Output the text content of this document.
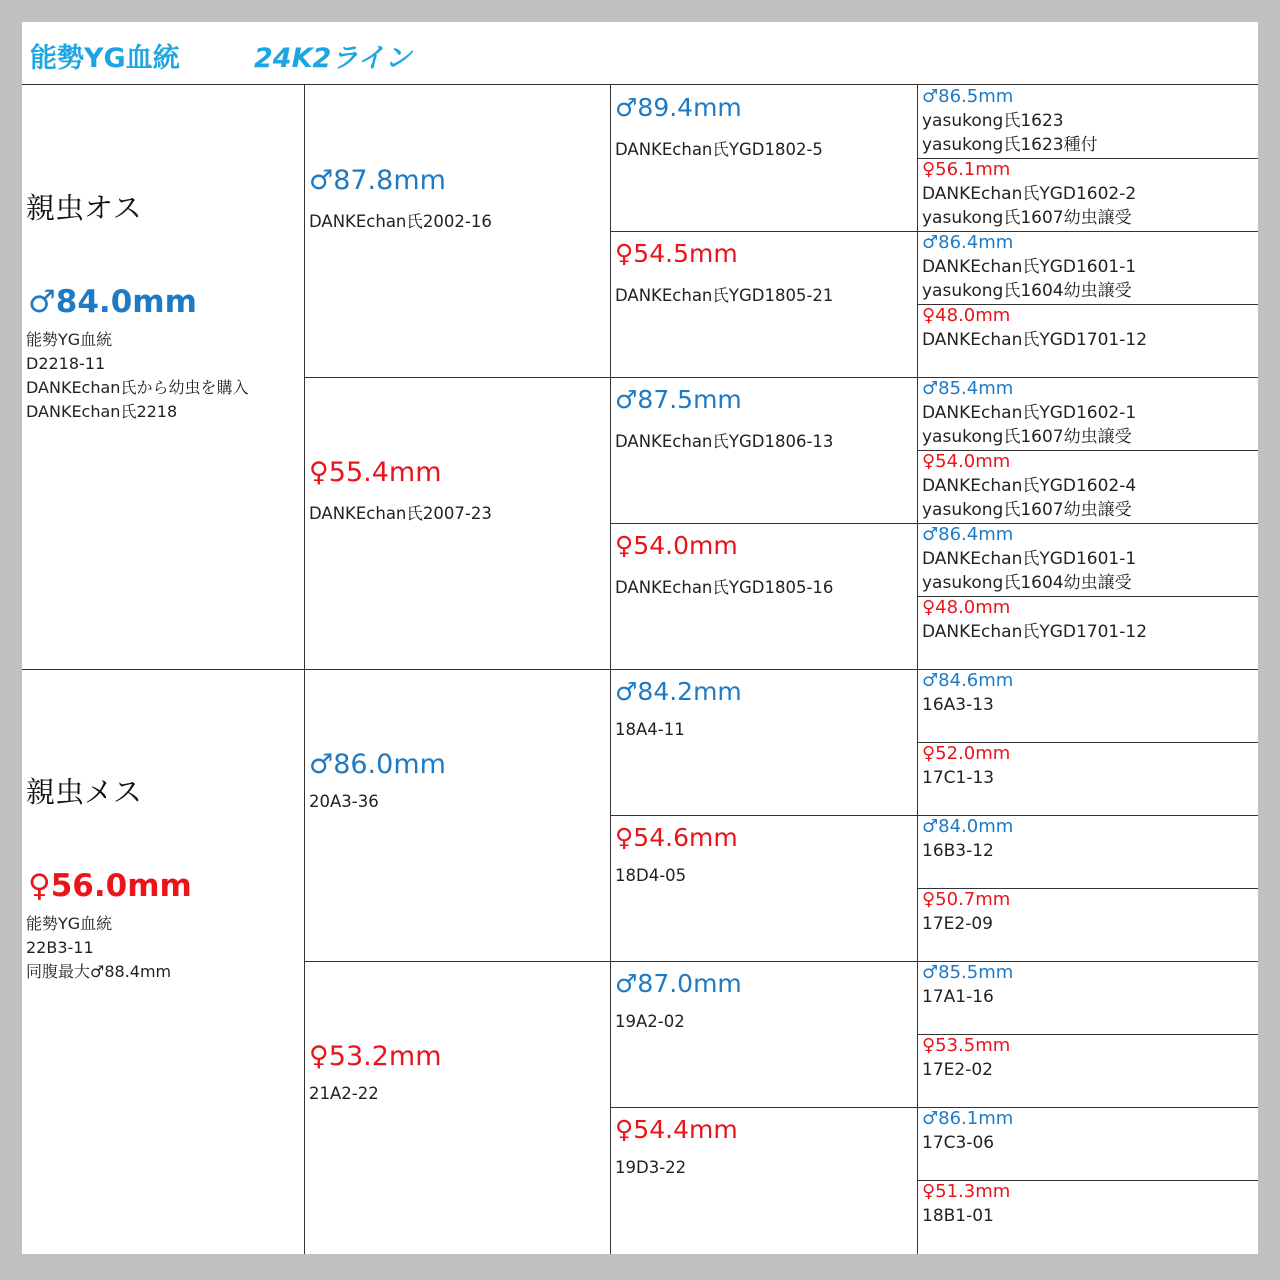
能勢YG血統	24K2ライン
♂87.8mm
DANKEchan氏2002-16
♀55.4mm
DANKEchan氏2007-23
♂86.0mm
20A3-36
♀53.2mm
21A2-22
♂89.4mm
DANKEchan氏YGD1802-5
♀54.5mm
DANKEchan氏YGD1805-21
♂87.5mm
DANKEchan氏YGD1806-13
♀54.0mm
DANKEchan氏YGD1805-16
♂84.2mm
18A4-11
♀54.6mm
18D4-05
♂87.0mm
19A2-02
♀54.4mm
19D3-22
♂86.5mm
yasukong氏1623
yasukong氏1623種付
♀56.1mm
DANKEchan氏YGD1602-2
yasukong氏1607幼虫譲受
♂86.4mm
DANKEchan氏YGD1601-1
yasukong氏1604幼虫譲受
♀48.0mm
DANKEchan氏YGD1701-12
♂85.4mm
DANKEchan氏YGD1602-1
yasukong氏1607幼虫譲受
♀54.0mm
DANKEchan氏YGD1602-4
yasukong氏1607幼虫譲受
♂86.4mm
DANKEchan氏YGD1601-1
yasukong氏1604幼虫譲受
♀48.0mm
DANKEchan氏YGD1701-12
♂84.6mm
16A3-13
♀52.0mm
17C1-13
♂84.0mm
16B3-12
♀50.7mm
17E2-09
♂85.5mm
17A1-16
♀53.5mm
17E2-02
♂86.1mm
17C3-06
♀51.3mm
18B1-01
親虫オス
♂84.0mm
能勢YG血統
D2218-11
DANKEchan氏から幼虫を購入
DANKEchan氏2218
親虫メス
♀56.0mm
能勢YG血統
22B3-11
同腹最大♂88.4mm
